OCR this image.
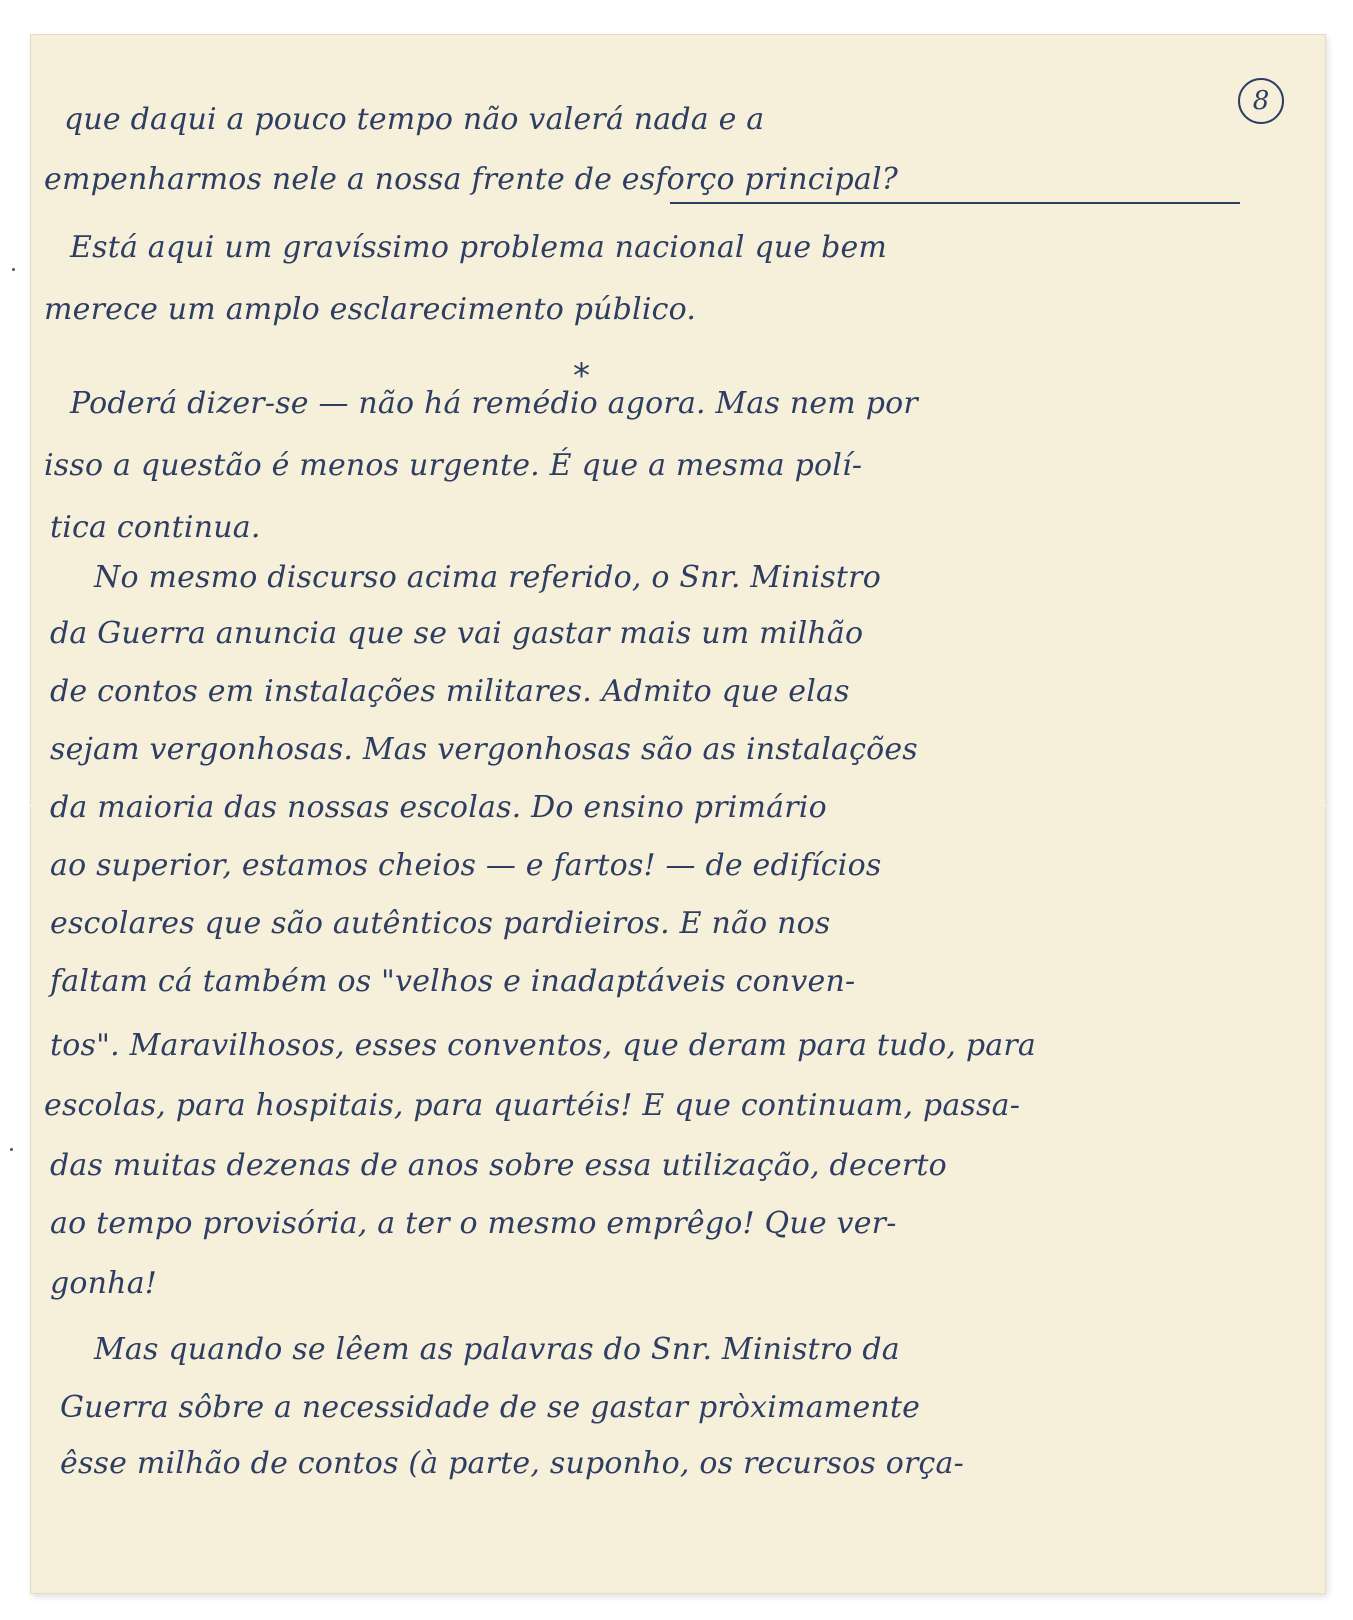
8
*
que daqui a pouco tempo não valerá nada e a
empenharmos nele a nossa frente de esforço principal?
Está aqui um gravíssimo problema nacional que bem
merece um amplo esclarecimento público.
Poderá dizer-se — não há remédio agora. Mas nem por
isso a questão é menos urgente. É que a mesma polí-
tica continua.
No mesmo discurso acima referido, o Snr. Ministro
da Guerra anuncia que se vai gastar mais um milhão
de contos em instalações militares. Admito que elas
sejam vergonhosas. Mas vergonhosas são as instalações
da maioria das nossas escolas. Do ensino primário
ao superior, estamos cheios — e fartos! — de edifícios
escolares que são autênticos pardieiros. E não nos
faltam cá também os "velhos e inadaptáveis conven-
tos". Maravilhosos, esses conventos, que deram para tudo, para
escolas, para hospitais, para quartéis! E que continuam, passa-
das muitas dezenas de anos sobre essa utilização, decerto
ao tempo provisória, a ter o mesmo emprêgo! Que ver-
gonha!
Mas quando se lêem as palavras do Snr. Ministro da
Guerra sôbre a necessidade de se gastar pròximamente
êsse milhão de contos (à parte, suponho, os recursos orça-
